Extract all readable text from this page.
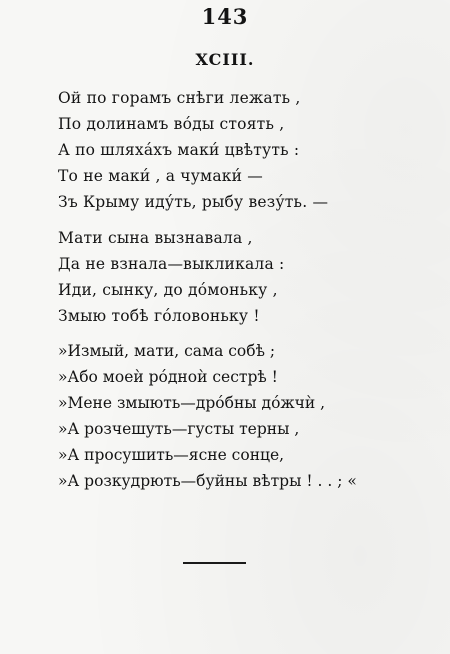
143
XCIII.
Ой по горамъ снѣги лежать ,
По долинамъ вóды стоять ,
А по шляхáхъ маки́ цвѣтуть :
То не маки́ , а чумаки́ —
Зъ Крыму иду́ть, рыбу везу́ть. —
Мати сына вызнавала ,
Да не взнала—выкликала :
Иди, сынку, до дóмоньку ,
Змыю тобѣ гóловоньку !
»Измый, мати, сама собѣ ;
»Або моеѝ рóдноѝ сестрѣ !
»Мене змыють—дрóбны дóжчѝ ,
»А розчешуть—густы терны ,
»А просушить—ясне сонце,
»А розкудрють—буйны вѣтры ! . . ; «
